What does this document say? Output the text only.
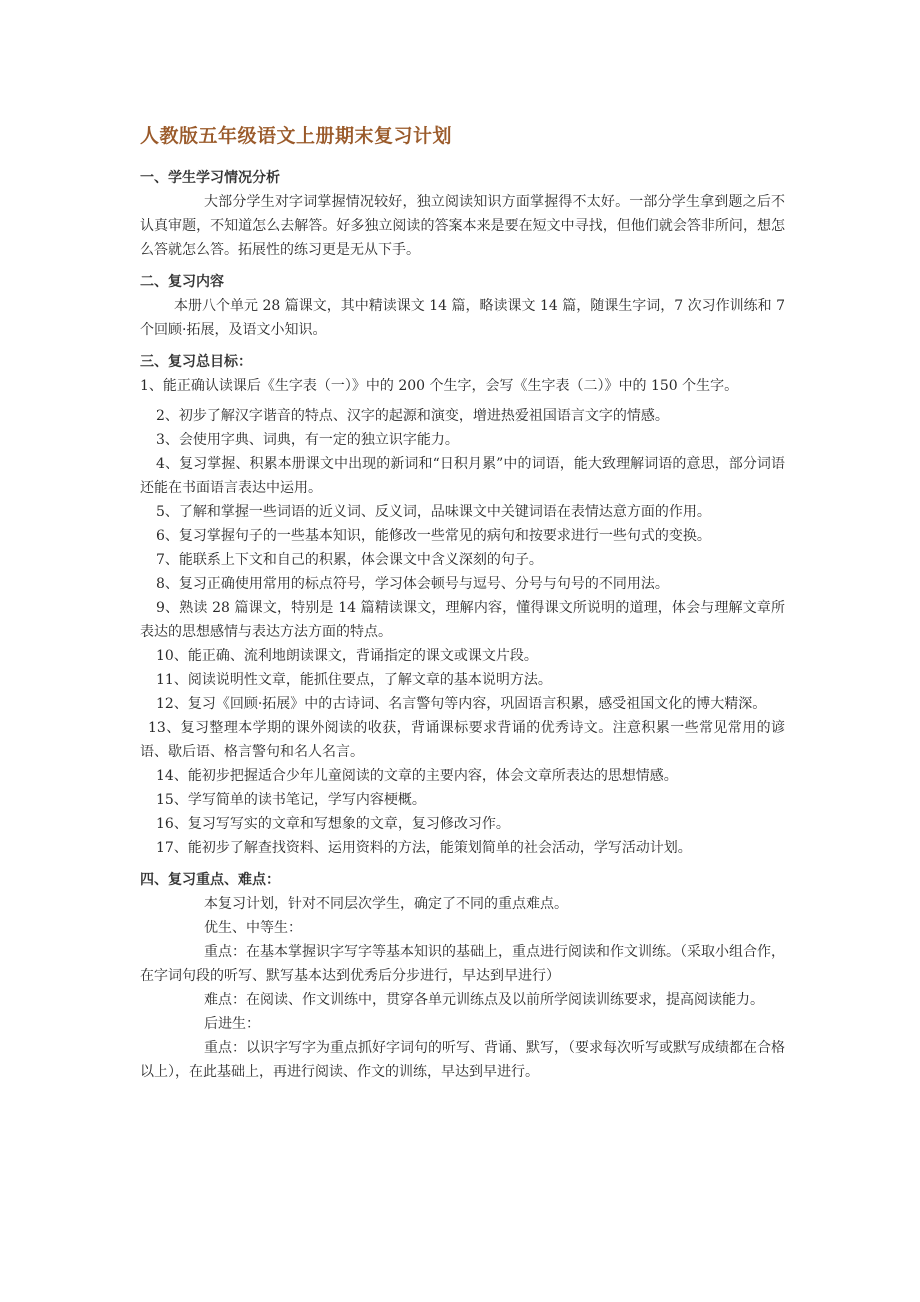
人教版五年级语文上册期末复习计划
一、学生学习情况分析

大部分学生对字词掌握情况较好，独立阅读知识方面掌握得不太好。一部分学生拿到题之后不认真审题，不知道怎么去解答。好多独立阅读的答案本来是要在短文中寻找，但他们就会答非所问，想怎么答就怎么答。拓展性的练习更是无从下手。

二、复习内容

本册八个单元 28 篇课文，其中精读课文 14 篇，略读课文 14 篇，随课生字词，7 次习作训练和 7 个回顾·拓展，及语文小知识。

三、复习总目标：
1、能正确认读课后《生字表（一）》中的 200 个生字，会写《生字表（二）》中的 150 个生字。
2、初步了解汉字谐音的特点、汉字的起源和演变，增进热爱祖国语言文字的情感。
3、会使用字典、词典，有一定的独立识字能力。
4、复习掌握、积累本册课文中出现的新词和“日积月累”中的词语，能大致理解词语的意思，部分词语还能在书面语言表达中运用。
5、了解和掌握一些词语的近义词、反义词，品味课文中关键词语在表情达意方面的作用。
6、复习掌握句子的一些基本知识，能修改一些常见的病句和按要求进行一些句式的变换。
7、能联系上下文和自己的积累，体会课文中含义深刻的句子。
8、复习正确使用常用的标点符号，学习体会顿号与逗号、分号与句号的不同用法。
9、熟读 28 篇课文，特别是 14 篇精读课文，理解内容，懂得课文所说明的道理，体会与理解文章所表达的思想感情与表达方法方面的特点。
10、能正确、流利地朗读课文，背诵指定的课文或课文片段。
11、阅读说明性文章，能抓住要点，了解文章的基本说明方法。
12、复习《回顾·拓展》中的古诗词、名言警句等内容，巩固语言积累，感受祖国文化的博大精深。
13、复习整理本学期的课外阅读的收获，背诵课标要求背诵的优秀诗文。注意积累一些常见常用的谚语、歇后语、格言警句和名人名言。
14、能初步把握适合少年儿童阅读的文章的主要内容，体会文章所表达的思想情感。
15、学写简单的读书笔记，学写内容梗概。
16、复习写写实的文章和写想象的文章，复习修改习作。
17、能初步了解查找资料、运用资料的方法，能策划简单的社会活动，学写活动计划。
四、复习重点、难点：

本复习计划，针对不同层次学生，确定了不同的重点难点。

优生、中等生：

重点：在基本掌握识字写字等基本知识的基础上，重点进行阅读和作文训练。（采取小组合作，在字词句段的听写、默写基本达到优秀后分步进行，早达到早进行）

难点：在阅读、作文训练中，贯穿各单元训练点及以前所学阅读训练要求，提高阅读能力。

后进生：

重点：以识字写字为重点抓好字词句的听写、背诵、默写，（要求每次听写或默写成绩都在合格以上），在此基础上，再进行阅读、作文的训练，早达到早进行。
